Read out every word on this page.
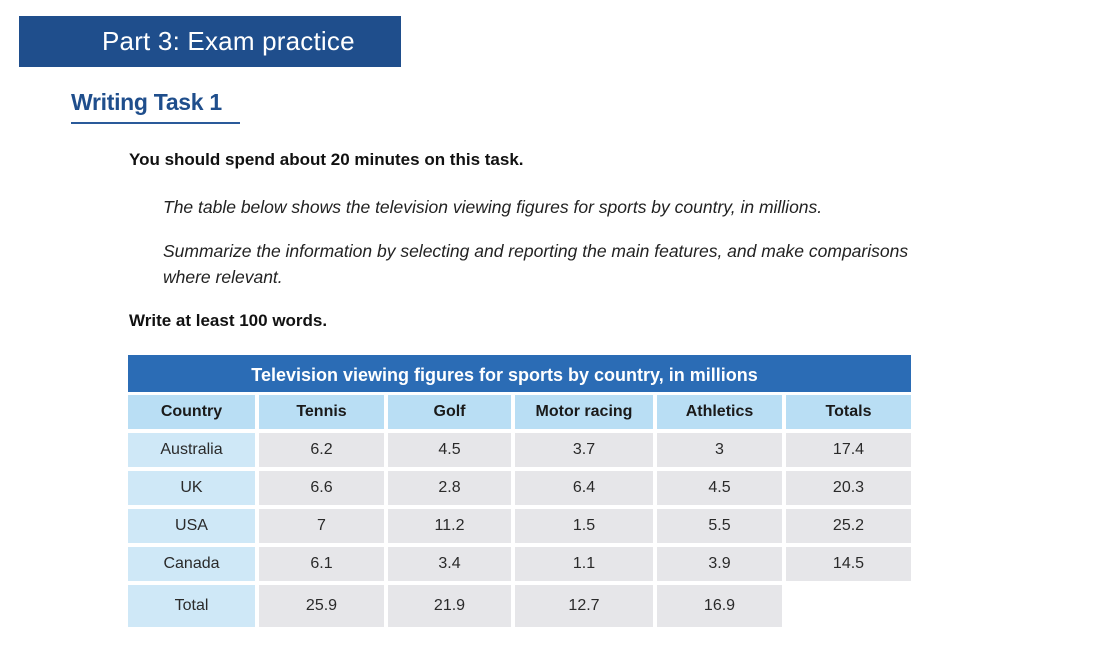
Part 3: Exam practice
Writing Task 1
You should spend about 20 minutes on this task.
The table below shows the television viewing figures for sports by country, in millions.
Summarize the information by selecting and reporting the main features, and make comparisons where relevant.
Write at least 100 words.
Television viewing figures for sports by country, in millions
Country	Tennis	Golf	Motor racing	Athletics	Totals
Australia	6.2	4.5	3.7	3	17.4
UK	6.6	2.8	6.4	4.5	20.3
USA	7	11.2	1.5	5.5	25.2
Canada	6.1	3.4	1.1	3.9	14.5
Total	25.9	21.9	12.7	16.9	
